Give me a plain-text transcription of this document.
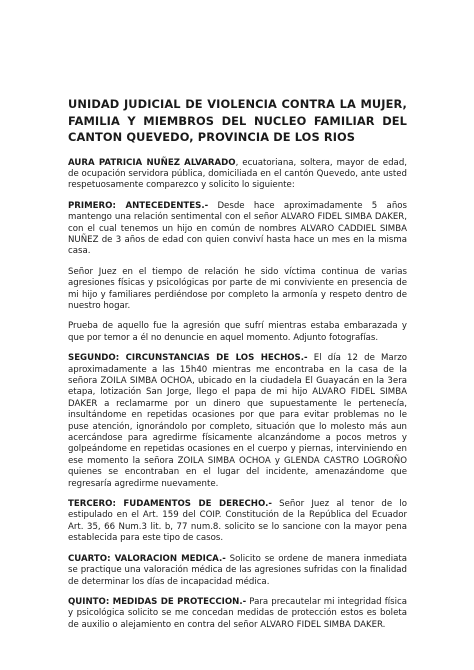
UNIDAD JUDICIAL DE VIOLENCIA CONTRA LA MUJER, FAMILIA Y MIEMBROS DEL NUCLEO FAMILIAR DEL CANTON QUEVEDO, PROVINCIA DE LOS RIOS

AURA PATRICIA NUÑEZ ALVARADO, ecuatoriana, soltera, mayor de edad, de ocupación servidora pública, domiciliada en el cantón Quevedo, ante usted respetuosamente comparezco y solicito lo siguiente:

PRIMERO: ANTECEDENTES.- Desde hace aproximadamente 5 años mantengo una relación sentimental con el señor ALVARO FIDEL SIMBA DAKER, con el cual tenemos un hijo en común de nombres ALVARO CADDIEL SIMBA NUÑEZ de 3 años de edad con quien conviví hasta hace un mes en la misma casa.

Señor Juez en el tiempo de relación he sido víctima continua de varias agresiones físicas y psicológicas por parte de mi conviviente en presencia de mi hijo y familiares perdiéndose por completo la armonía y respeto dentro de nuestro hogar.

Prueba de aquello fue la agresión que sufrí mientras estaba embarazada y que por temor a él no denuncie en aquel momento. Adjunto fotografías.

SEGUNDO: CIRCUNSTANCIAS DE LOS HECHOS.- El día 12 de Marzo aproximadamente a las 15h40 mientras me encontraba en la casa de la señora ZOILA SIMBA OCHOA, ubicado en la ciudadela El Guayacán en la 3era etapa, lotización San Jorge, llego el papa de mi hijo ALVARO FIDEL SIMBA DAKER a reclamarme por un dinero que supuestamente le pertenecía, insultándome en repetidas ocasiones por que para evitar problemas no le puse atención, ignorándolo por completo, situación que lo molesto más aun acercándose para agredirme físicamente alcanzándome a pocos metros y golpeándome en repetidas ocasiones en el cuerpo y piernas, interviniendo en ese momento la señora ZOILA SIMBA OCHOA y GLENDA CASTRO LOGROÑO quienes se encontraban en el lugar del incidente, amenazándome que regresaría agredirme nuevamente.

TERCERO: FUDAMENTOS DE DERECHO.- Señor Juez al tenor de lo estipulado en el Art. 159 del COIP. Constitución de la República del Ecuador Art. 35, 66 Num.3 lit. b, 77 num.8. solicito se lo sancione con la mayor pena establecida para este tipo de casos.

CUARTO: VALORACION MEDICA.- Solicito se ordene de manera inmediata se practique una valoración médica de las agresiones sufridas con la finalidad de determinar los días de incapacidad médica.

QUINTO: MEDIDAS DE PROTECCION.- Para precautelar mi integridad física y psicológica solicito se me concedan medidas de protección estos es boleta de auxilio o alejamiento en contra del señor ALVARO FIDEL SIMBA DAKER.
